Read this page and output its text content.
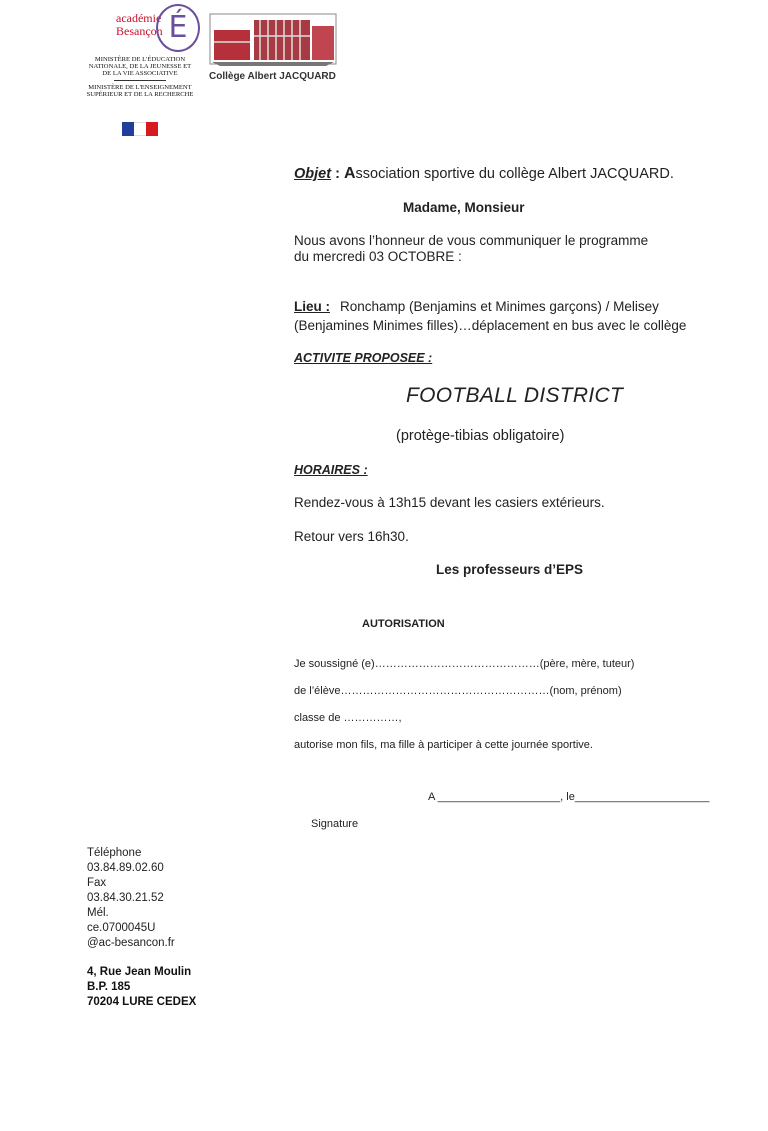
académie Besançon É
MINISTÈRE DE L'ÉDUCATION NATIONALE, DE LA JEUNESSE ET DE LA VIE ASSOCIATIVE
MINISTÈRE DE L'ENSEIGNEMENT SUPÉRIEUR ET DE LA RECHERCHE
Collège Albert JACQUARD
Objet : Association sportive du collège Albert JACQUARD.
Madame, Monsieur
Nous avons l’honneur de vous communiquer le programme
du mercredi 03 OCTOBRE :
Lieu : Ronchamp (Benjamins et Minimes garçons) / Melisey
(Benjamines Minimes filles)…déplacement en bus avec le collège
ACTIVITE PROPOSEE :
FOOTBALL DISTRICT
(protège-tibias obligatoire)
HORAIRES :
Rendez-vous à 13h15 devant les casiers extérieurs.
Retour vers 16h30.
Les professeurs d’EPS
AUTORISATION
Je soussigné (e)………………………………………(père, mère, tuteur)
de l’élève…………………………………………………(nom, prénom)
classe de ……………,
autorise mon fils, ma fille à participer à cette journée sportive.
A ____________________, le______________________
Signature
Téléphone
03.84.89.02.60
Fax
03.84.30.21.52
Mél.
ce.0700045U
@ac-besancon.fr
4, Rue Jean Moulin
B.P. 185
70204 LURE CEDEX
